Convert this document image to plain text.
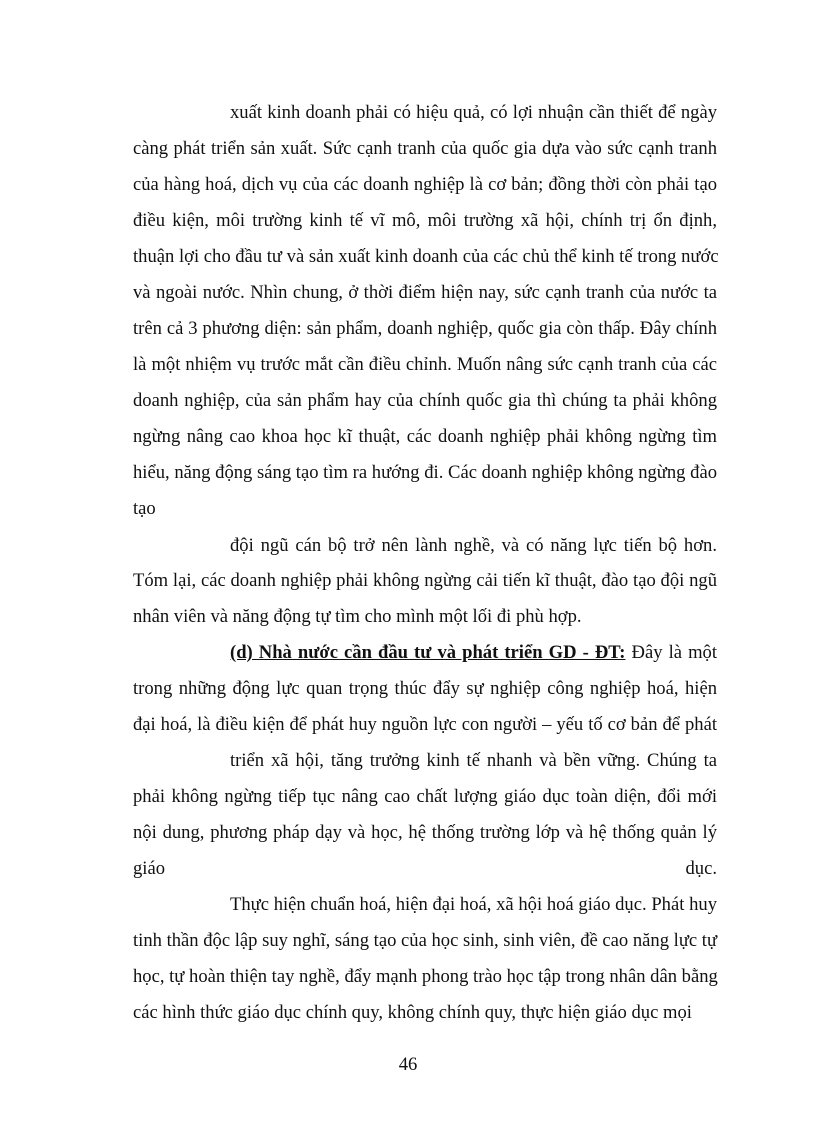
xuất kinh doanh phải có hiệu quả, có lợi nhuận cần thiết để ngày
càng phát triển sản xuất. Sức cạnh tranh của quốc gia dựa vào sức cạnh tranh
của hàng hoá, dịch vụ của các doanh nghiệp là cơ bản; đồng thời còn phải tạo
điều kiện, môi trường kinh tế vĩ mô, môi trường xã hội, chính trị ổn định,
thuận lợi cho đầu tư và sản xuất kinh doanh của các chủ thể kinh tế trong nước
và ngoài nước. Nhìn chung, ở thời điểm hiện nay, sức cạnh tranh của nước ta
trên cả 3 phương diện: sản phẩm, doanh nghiệp, quốc gia còn thấp. Đây chính
là một nhiệm vụ trước mắt cần điều chỉnh. Muốn nâng sức cạnh tranh của các
doanh nghiệp, của sản phẩm hay của chính quốc gia thì chúng ta phải không
ngừng nâng cao khoa học kĩ thuật, các doanh nghiệp phải không ngừng tìm
hiểu, năng động sáng tạo tìm ra hướng đi. Các doanh nghiệp không ngừng đào
tạo
đội ngũ cán bộ trở nên lành nghề, và có năng lực tiến bộ hơn.
Tóm lại, các doanh nghiệp phải không ngừng cải tiến kĩ thuật, đào tạo đội ngũ
nhân viên và năng động tự tìm cho mình một lối đi phù hợp.
(d) Nhà nước cần đầu tư và phát triển GD - ĐT: Đây là một
trong những động lực quan trọng thúc đẩy sự nghiệp công nghiệp hoá, hiện
đại hoá, là điều kiện để phát huy nguồn lực con người – yếu tố cơ bản để phát
triển xã hội, tăng trưởng kinh tế nhanh và bền vững. Chúng ta
phải không ngừng tiếp tục nâng cao chất lượng giáo dục toàn diện, đổi mới
nội dung, phương pháp dạy và học, hệ thống trường lớp và hệ thống quản lý
giáo dục.
Thực hiện chuẩn hoá, hiện đại hoá, xã hội hoá giáo dục. Phát huy
tinh thần độc lập suy nghĩ, sáng tạo của học sinh, sinh viên, đề cao năng lực tự
học, tự hoàn thiện tay nghề, đẩy mạnh phong trào học tập trong nhân dân bằng
các hình thức giáo dục chính quy, không chính quy, thực hiện giáo dục mọi
46
